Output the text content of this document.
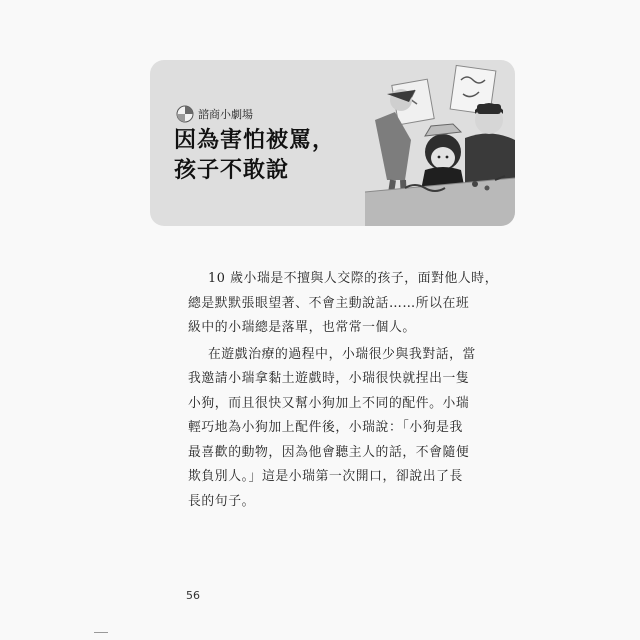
諮商小劇場
因為害怕被罵，
孩子不敢說

10 歲小瑞是不擅與人交際的孩子，面對他人時，
總是默默張眼望著、不會主動說話……所以在班
級中的小瑞總是落單，也常常一個人。

在遊戲治療的過程中，小瑞很少與我對話，當
我邀請小瑞拿黏土遊戲時，小瑞很快就捏出一隻
小狗，而且很快又幫小狗加上不同的配件。小瑞
輕巧地為小狗加上配件後，小瑞說：「小狗是我
最喜歡的動物，因為他會聽主人的話，不會隨便
欺負別人。」這是小瑞第一次開口，卻說出了長
長的句子。

56
